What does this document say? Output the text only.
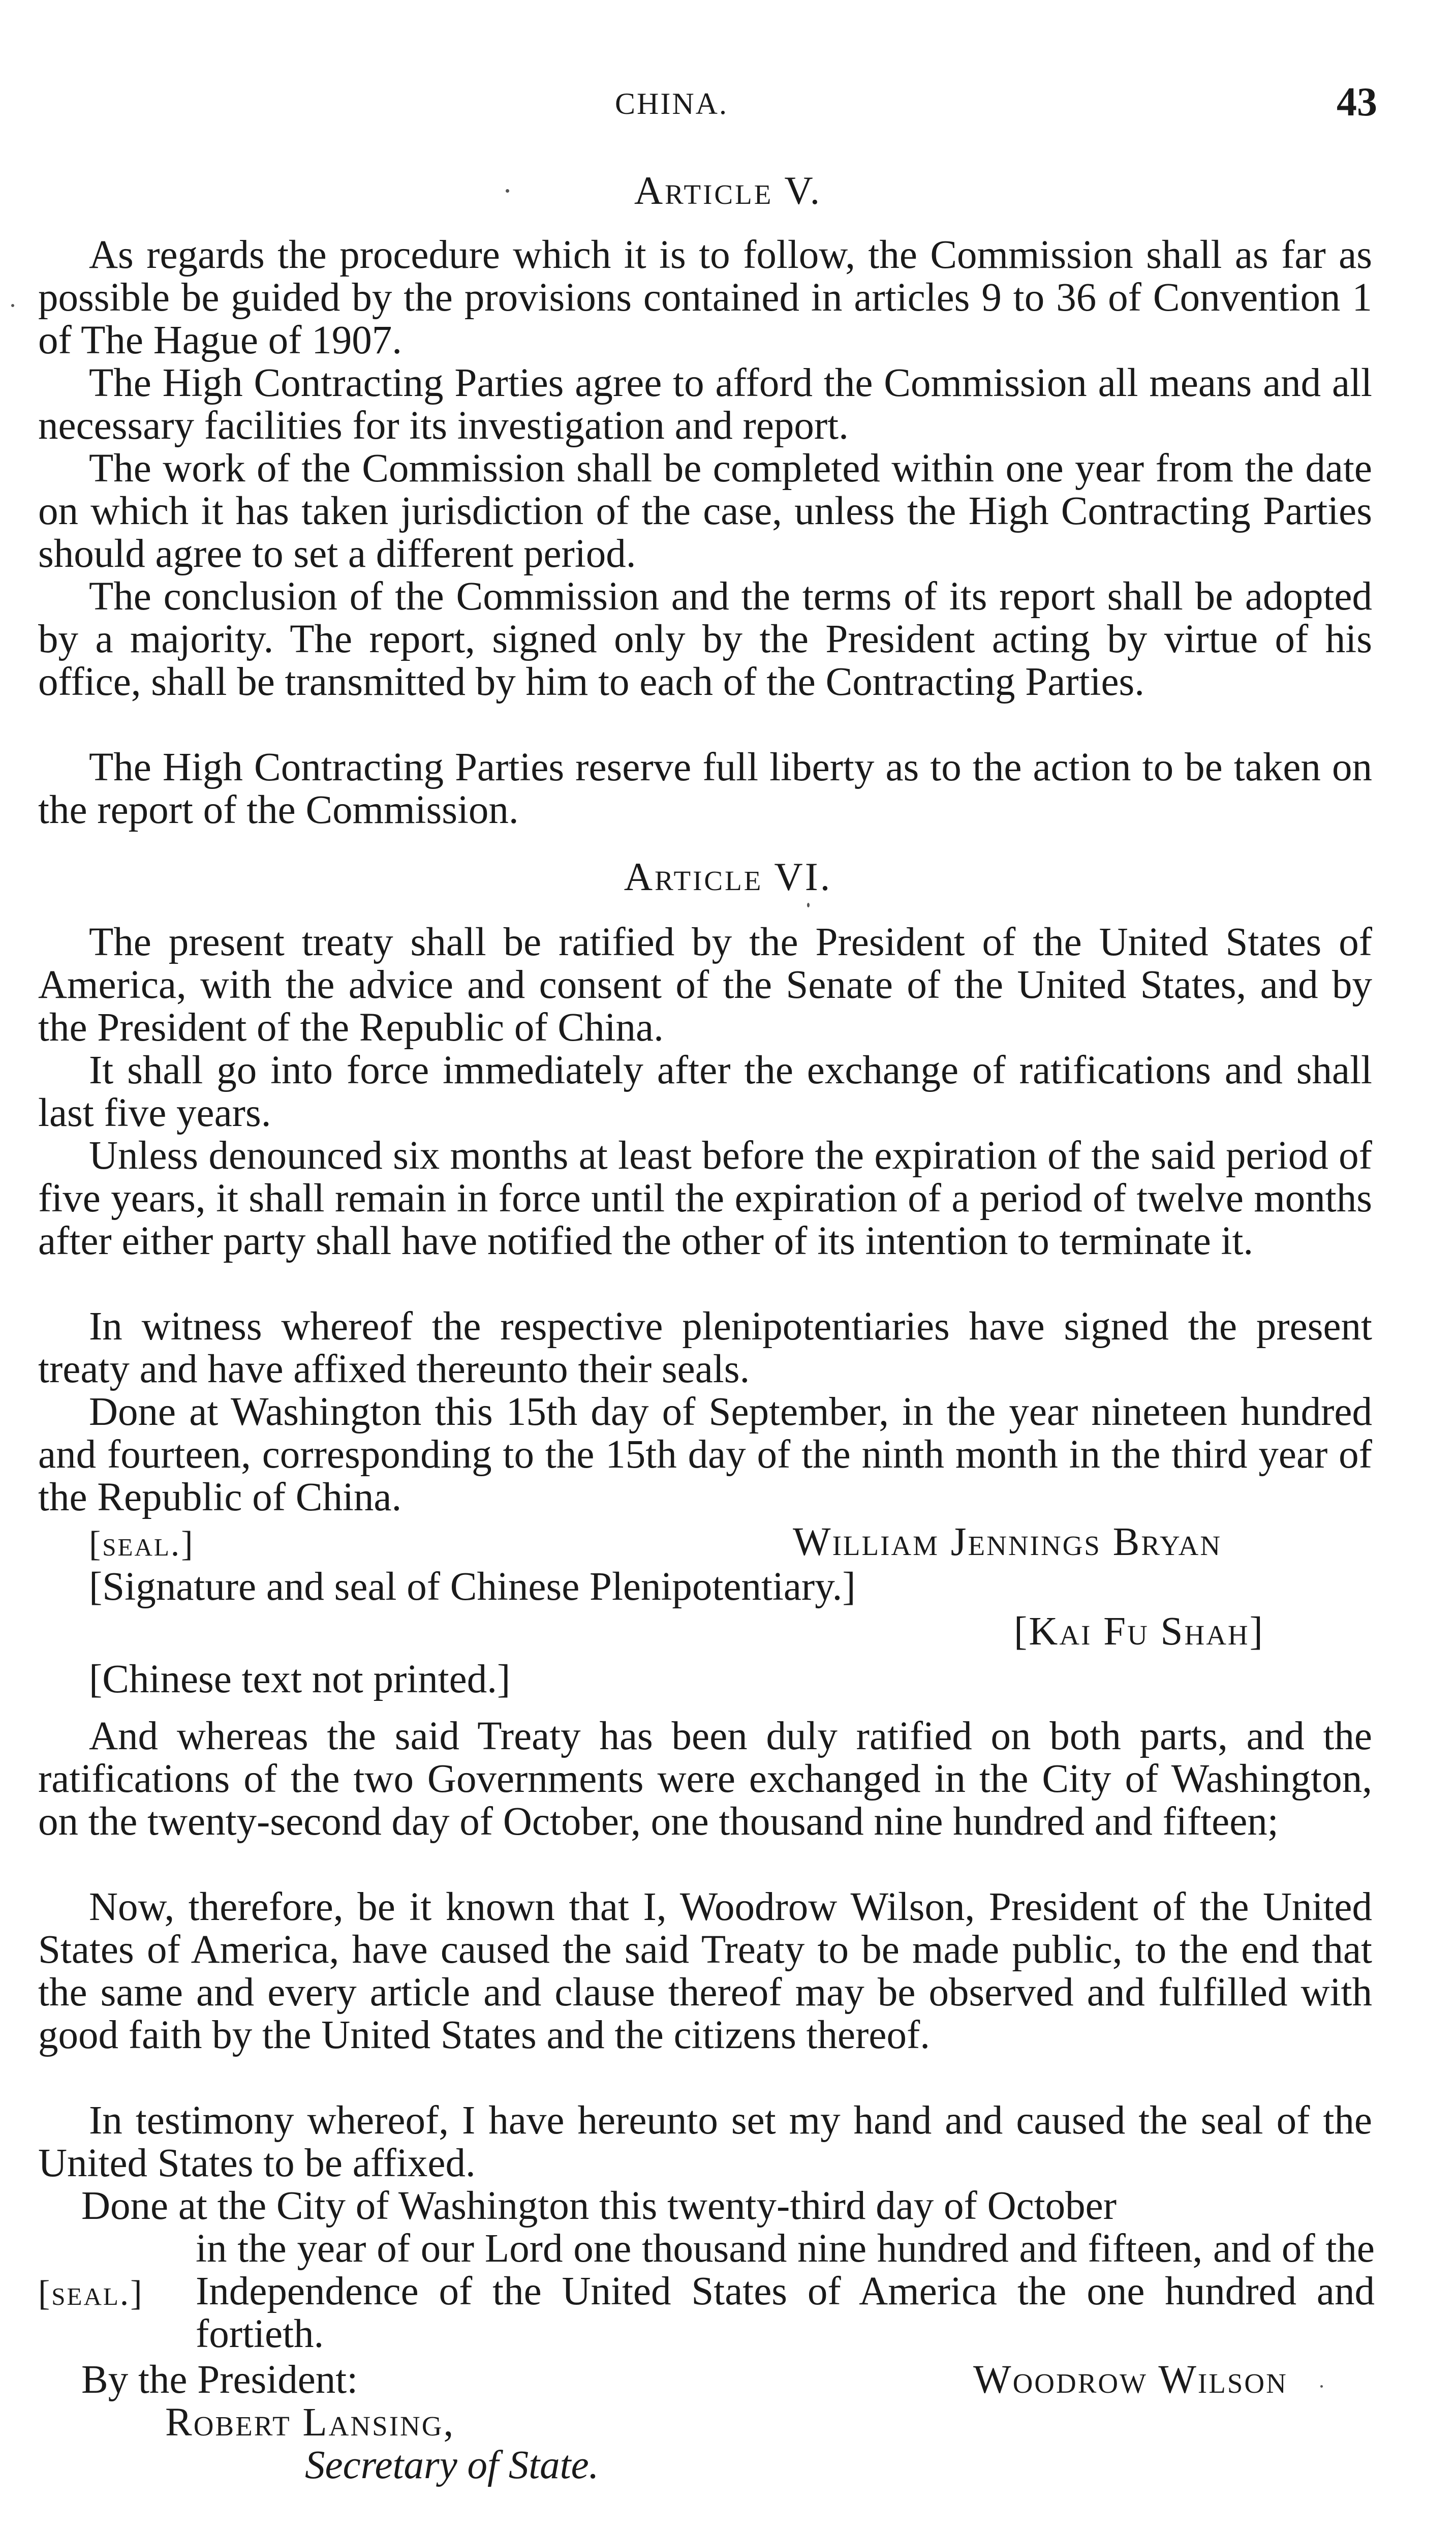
CHINA.	43
Article V.

As regards the procedure which it is to follow, the Commission shall as far as possible be guided by the provisions contained in articles 9 to 36 of Convention 1 of The Hague of 1907.

The High Contracting Parties agree to afford the Commission all means and all necessary facilities for its investigation and report.

The work of the Commission shall be completed within one year from the date on which it has taken jurisdiction of the case, unless the High Contracting Parties should agree to set a different period.

The conclusion of the Commission and the terms of its report shall be adopted by a majority. The report, signed only by the President acting by virtue of his office, shall be transmitted by him to each of the Contracting Parties.

The High Contracting Parties reserve full liberty as to the action to be taken on the report of the Commission.

Article VI.

The present treaty shall be ratified by the President of the United States of America, with the advice and consent of the Senate of the United States, and by the President of the Republic of China.

It shall go into force immediately after the exchange of ratifications and shall last five years.

Unless denounced six months at least before the expiration of the said period of five years, it shall remain in force until the expiration of a period of twelve months after either party shall have notified the other of its intention to terminate it.

In witness whereof the respective plenipotentiaries have signed the present treaty and have affixed thereunto their seals.

Done at Washington this 15th day of September, in the year nineteen hundred and fourteen, corresponding to the 15th day of the ninth month in the third year of the Republic of China.

[seal.]	William Jennings Bryan
[Signature and seal of Chinese Plenipotentiary.]
[Kai Fu Shah]
[Chinese text not printed.]

And whereas the said Treaty has been duly ratified on both parts, and the ratifications of the two Governments were exchanged in the City of Washington, on the twenty-second day of October, one thousand nine hundred and fifteen;

Now, therefore, be it known that I, Woodrow Wilson, President of the United States of America, have caused the said Treaty to be made public, to the end that the same and every article and clause thereof may be observed and fulfilled with good faith by the United States and the citizens thereof.

In testimony whereof, I have hereunto set my hand and caused the seal of the United States to be affixed.

Done at the City of Washington this twenty-third day of October
[seal.]

in the year of our Lord one thousand nine hundred and fifteen, and of the Independence of the United States of America the one hundred and fortieth.

By the President:	Woodrow Wilson
Robert Lansing,
Secretary of State.
